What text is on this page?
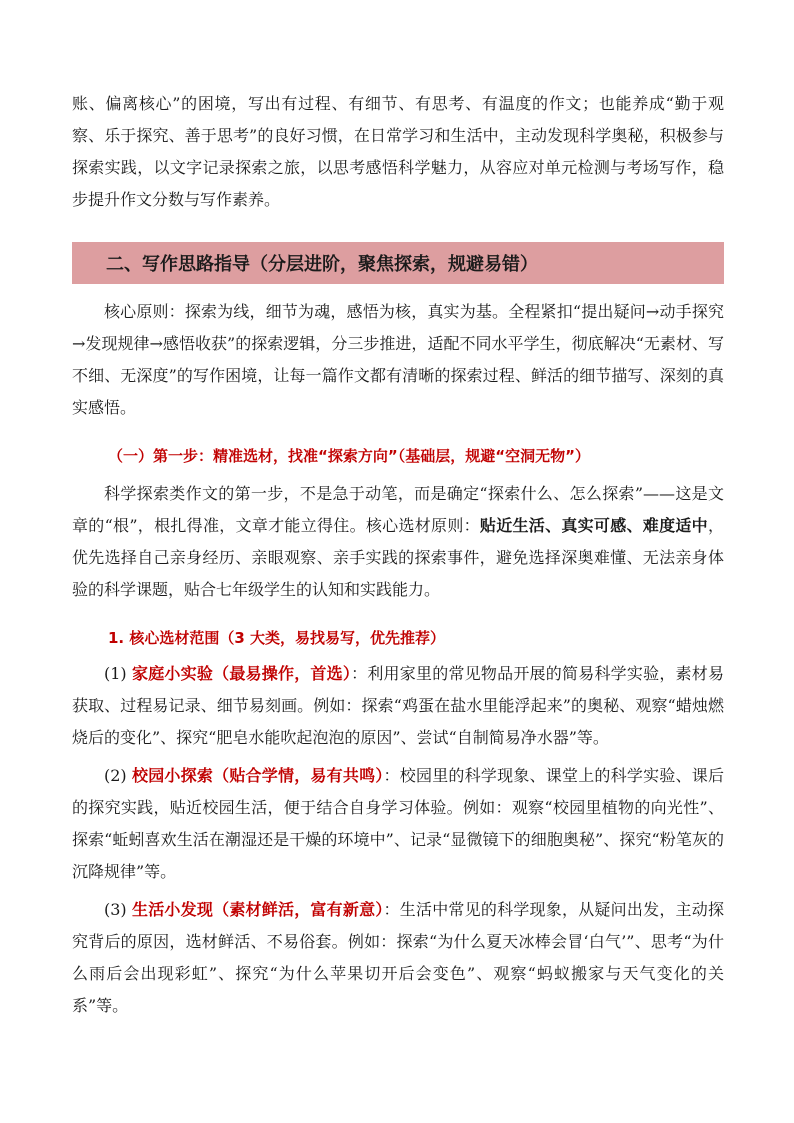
账、偏离核心”的困境，写出有过程、有细节、有思考、有温度的作文；也能养成“勤于观察、乐于探究、善于思考”的良好习惯，在日常学习和生活中，主动发现科学奥秘，积极参与探索实践，以文字记录探索之旅，以思考感悟科学魅力，从容应对单元检测与考场写作，稳步提升作文分数与写作素养。

二、写作思路指导（分层进阶，聚焦探索，规避易错）

核心原则：探索为线，细节为魂，感悟为核，真实为基。全程紧扣“提出疑问→动手探究→发现规律→感悟收获”的探索逻辑，分三步推进，适配不同水平学生，彻底解决“无素材、写不细、无深度”的写作困境，让每一篇作文都有清晰的探索过程、鲜活的细节描写、深刻的真实感悟。

（一）第一步：精准选材，找准“探索方向”（基础层，规避“空洞无物”）

科学探索类作文的第一步，不是急于动笔，而是确定“探索什么、怎么探索”——这是文章的“根”，根扎得准，文章才能立得住。核心选材原则：贴近生活、真实可感、难度适中，优先选择自己亲身经历、亲眼观察、亲手实践的探索事件，避免选择深奥难懂、无法亲身体验的科学课题，贴合七年级学生的认知和实践能力。

1. 核心选材范围（3 大类，易找易写，优先推荐）

(1) 家庭小实验（最易操作，首选）：利用家里的常见物品开展的简易科学实验，素材易获取、过程易记录、细节易刻画。例如：探索“鸡蛋在盐水里能浮起来”的奥秘、观察“蜡烛燃烧后的变化”、探究“肥皂水能吹起泡泡的原因”、尝试“自制简易净水器”等。

(2) 校园小探索（贴合学情，易有共鸣）：校园里的科学现象、课堂上的科学实验、课后的探究实践，贴近校园生活，便于结合自身学习体验。例如：观察“校园里植物的向光性”、探索“蚯蚓喜欢生活在潮湿还是干燥的环境中”、记录“显微镜下的细胞奥秘”、探究“粉笔灰的沉降规律”等。

(3) 生活小发现（素材鲜活，富有新意）：生活中常见的科学现象，从疑问出发，主动探究背后的原因，选材鲜活、不易俗套。例如：探索“为什么夏天冰棒会冒‘白气’”、思考“为什么雨后会出现彩虹”、探究“为什么苹果切开后会变色”、观察“蚂蚁搬家与天气变化的关系”等。
